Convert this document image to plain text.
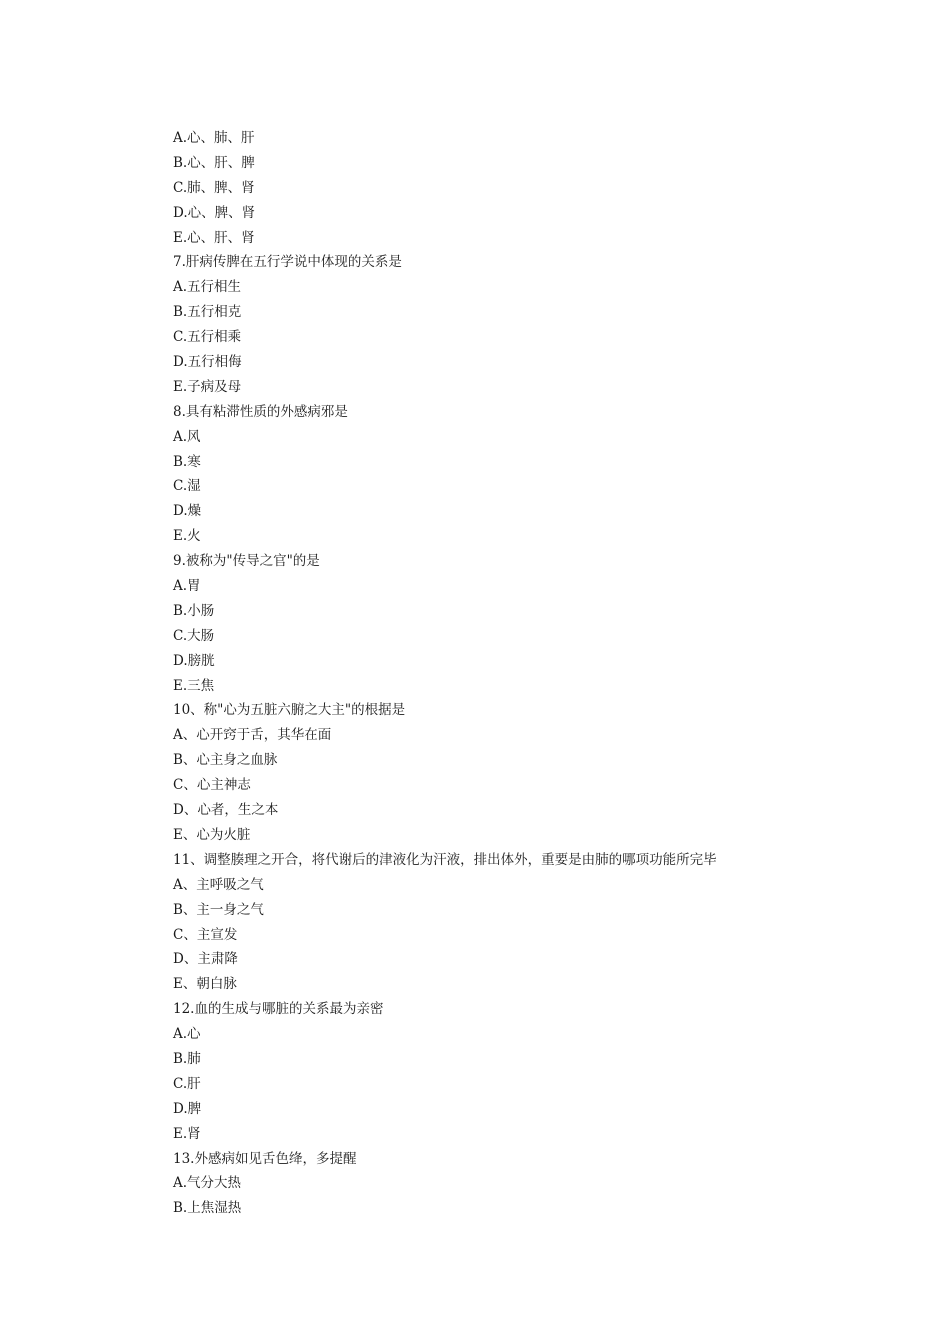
A.心、肺、肝
B.心、肝、脾
C.肺、脾、肾
D.心、脾、肾
E.心、肝、肾
7.肝病传脾在五行学说中体现的关系是
A.五行相生
B.五行相克
C.五行相乘
D.五行相侮
E.子病及母
8.具有粘滞性质的外感病邪是
A.风
B.寒
C.湿
D.燥
E.火
9.被称为"传导之官"的是
A.胃
B.小肠
C.大肠
D.膀胱
E.三焦
10、称"心为五脏六腑之大主"的根据是
A、心开窍于舌，其华在面
B、心主身之血脉
C、心主神志
D、心者，生之本
E、心为火脏
11、调整腠理之开合，将代谢后的津液化为汗液，排出体外，重要是由肺的哪项功能所完毕
A、主呼吸之气
B、主一身之气
C、主宣发
D、主肃降
E、朝白脉
12.血的生成与哪脏的关系最为亲密
A.心
B.肺
C.肝
D.脾
E.肾
13.外感病如见舌色绛，多提醒
A.气分大热
B.上焦湿热
